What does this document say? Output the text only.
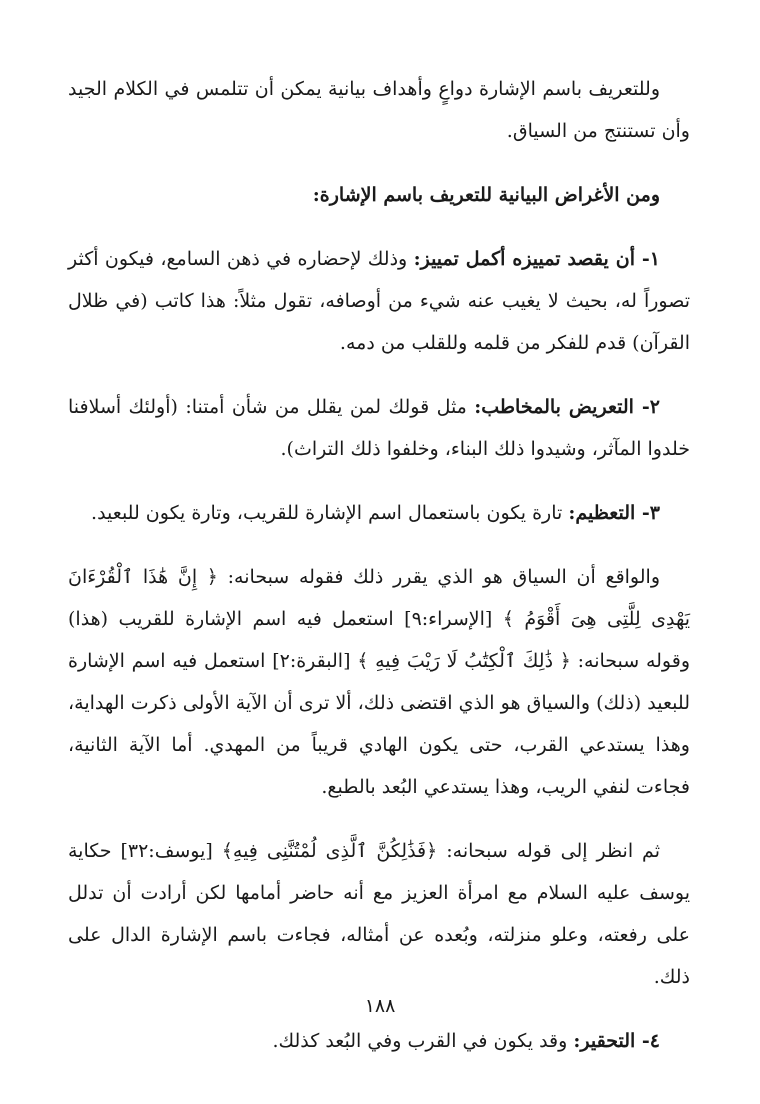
وللتعريف باسم الإشارة دواعٍ وأهداف بيانية يمكن أن تتلمس في الكلام الجيد وأن تستنتج من السياق.

ومن الأغراض البيانية للتعريف باسم الإشارة:

١- أن يقصد تمييزه أكمل تمييز: وذلك لإحضاره في ذهن السامع، فيكون أكثر تصوراً له، بحيث لا يغيب عنه شيء من أوصافه، تقول مثلاً: هذا كاتب (في ظلال القرآن) قدم للفكر من قلمه وللقلب من دمه.

٢- التعريض بالمخاطب: مثل قولك لمن يقلل من شأن أمتنا: (أولئك أسلافنا خلدوا المآثر، وشيدوا ذلك البناء، وخلفوا ذلك التراث).

٣- التعظيم: تارة يكون باستعمال اسم الإشارة للقريب، وتارة يكون للبعيد.

والواقع أن السياق هو الذي يقرر ذلك فقوله سبحانه: ﴿ إِنَّ هَٰذَا ٱلْقُرْءَانَ يَهْدِى لِلَّتِى هِىَ أَقْوَمُ ﴾ [الإسراء:٩] استعمل فيه اسم الإشارة للقريب (هذا) وقوله سبحانه: ﴿ ذَٰلِكَ ٱلْكِتَٰبُ لَا رَيْبَ فِيهِ ﴾ [البقرة:٢] استعمل فيه اسم الإشارة للبعيد (ذلك) والسياق هو الذي اقتضى ذلك، ألا ترى أن الآية الأولى ذكرت الهداية، وهذا يستدعي القرب، حتى يكون الهادي قريباً من المهدي. أما الآية الثانية، فجاءت لنفي الريب، وهذا يستدعي البُعد بالطبع.

ثم انظر إلى قوله سبحانه: ﴿فَذَٰلِكُنَّ ٱلَّذِى لُمْتُنَّنِى فِيهِ﴾ [يوسف:٣٢] حكاية يوسف عليه السلام مع امرأة العزيز مع أنه حاضر أمامها لكن أرادت أن تدلل على رفعته، وعلو منزلته، وبُعده عن أمثاله، فجاءت باسم الإشارة الدال على ذلك.

٤- التحقير: وقد يكون في القرب وفي البُعد كذلك.

١٨٨
